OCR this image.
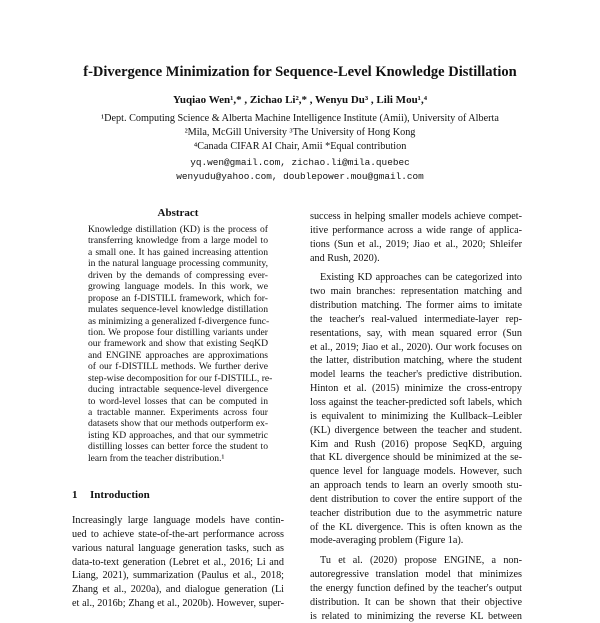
f-Divergence Minimization for Sequence-Level Knowledge Distillation
Yuqiao Wen¹,* , Zichao Li²,* , Wenyu Du³ , Lili Mou¹,⁴
¹Dept. Computing Science & Alberta Machine Intelligence Institute (Amii), University of Alberta
²Mila, McGill University ³The University of Hong Kong
⁴Canada CIFAR AI Chair, Amii *Equal contribution
yq.wen@gmail.com, zichao.li@mila.quebec
wenyudu@yahoo.com, doublepower.mou@gmail.com
Abstract
Knowledge distillation (KD) is the process of
transferring knowledge from a large model to
a small one. It has gained increasing attention
in the natural language processing community,
driven by the demands of compressing ever-
growing language models. In this work, we
propose an f-DISTILL framework, which for-
mulates sequence-level knowledge distillation
as minimizing a generalized f-divergence func-
tion. We propose four distilling variants under
our framework and show that existing SeqKD
and ENGINE approaches are approximations
of our f-DISTILL methods. We further derive
step-wise decomposition for our f-DISTILL, re-
ducing intractable sequence-level divergence
to word-level losses that can be computed in
a tractable manner. Experiments across four
datasets show that our methods outperform ex-
isting KD approaches, and that our symmetric
distilling losses can better force the student to
learn from the teacher distribution.¹
1 Introduction
Increasingly large language models have contin-
ued to achieve state-of-the-art performance across
various natural language generation tasks, such as
data-to-text generation (Lebret et al., 2016; Li and
Liang, 2021), summarization (Paulus et al., 2018;
Zhang et al., 2020a), and dialogue generation (Li
et al., 2016b; Zhang et al., 2020b). However, super-
success in helping smaller models achieve compet-
itive performance across a wide range of applica-
tions (Sun et al., 2019; Jiao et al., 2020; Shleifer
and Rush, 2020).
Existing KD approaches can be categorized into
two main branches: representation matching and
distribution matching. The former aims to imitate
the teacher's real-valued intermediate-layer rep-
resentations, say, with mean squared error (Sun
et al., 2019; Jiao et al., 2020). Our work focuses on
the latter, distribution matching, where the student
model learns the teacher's predictive distribution.
Hinton et al. (2015) minimize the cross-entropy
loss against the teacher-predicted soft labels, which
is equivalent to minimizing the Kullback–Leibler
(KL) divergence between the teacher and student.
Kim and Rush (2016) propose SeqKD, arguing
that KL divergence should be minimized at the se-
quence level for language models. However, such
an approach tends to learn an overly smooth stu-
dent distribution to cover the entire support of the
teacher distribution due to the asymmetric nature
of the KL divergence. This is often known as the
mode-averaging problem (Figure 1a).
Tu et al. (2020) propose ENGINE, a non-
autoregressive translation model that minimizes
the energy function defined by the teacher's output
distribution. It can be shown that their objective
is related to minimizing the reverse KL between
